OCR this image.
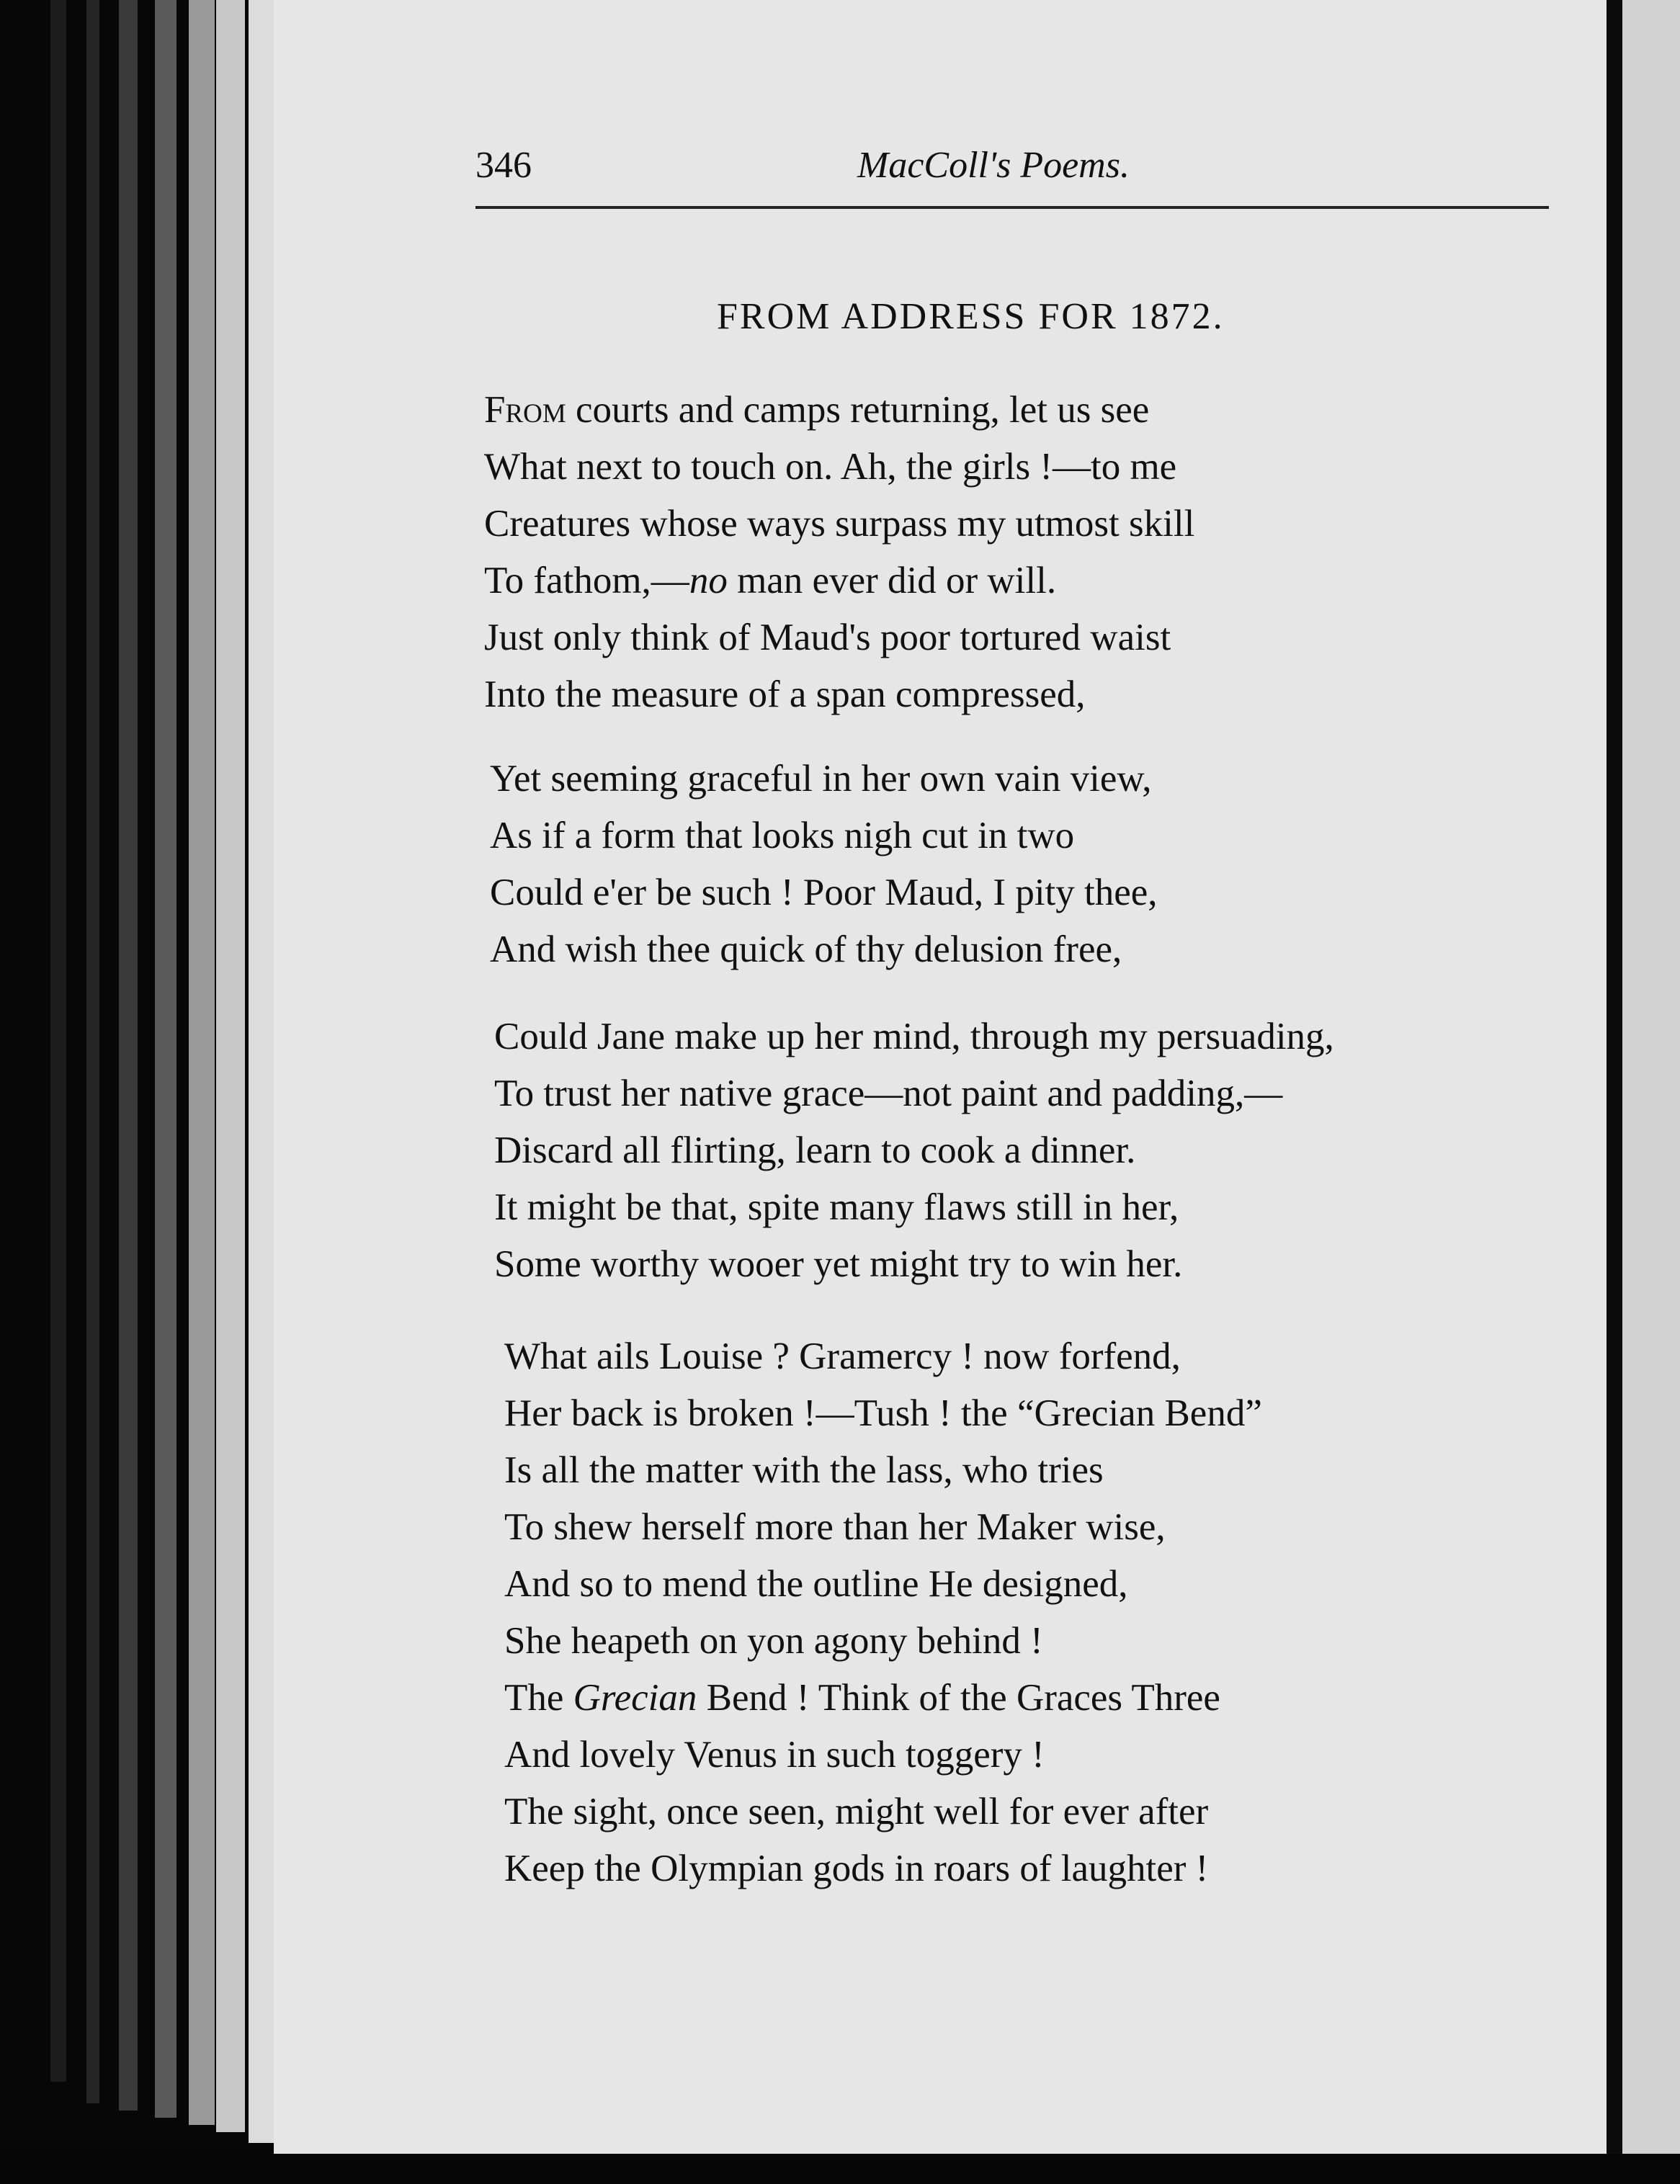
346	MacColl's Poems.
FROM ADDRESS FOR 1872.
From courts and camps returning, let us see
What next to touch on. Ah, the girls !—to me
Creatures whose ways surpass my utmost skill
To fathom,—no man ever did or will.
Just only think of Maud's poor tortured waist
Into the measure of a span compressed,
Yet seeming graceful in her own vain view,
As if a form that looks nigh cut in two
Could e'er be such ! Poor Maud, I pity thee,
And wish thee quick of thy delusion free,
Could Jane make up her mind, through my persuading,
To trust her native grace—not paint and padding,—
Discard all flirting, learn to cook a dinner.
It might be that, spite many flaws still in her,
Some worthy wooer yet might try to win her.
What ails Louise ? Gramercy ! now forfend,
Her back is broken !—Tush ! the “Grecian Bend”
Is all the matter with the lass, who tries
To shew herself more than her Maker wise,
And so to mend the outline He designed,
She heapeth on yon agony behind !
The Grecian Bend ! Think of the Graces Three
And lovely Venus in such toggery !
The sight, once seen, might well for ever after
Keep the Olympian gods in roars of laughter !
